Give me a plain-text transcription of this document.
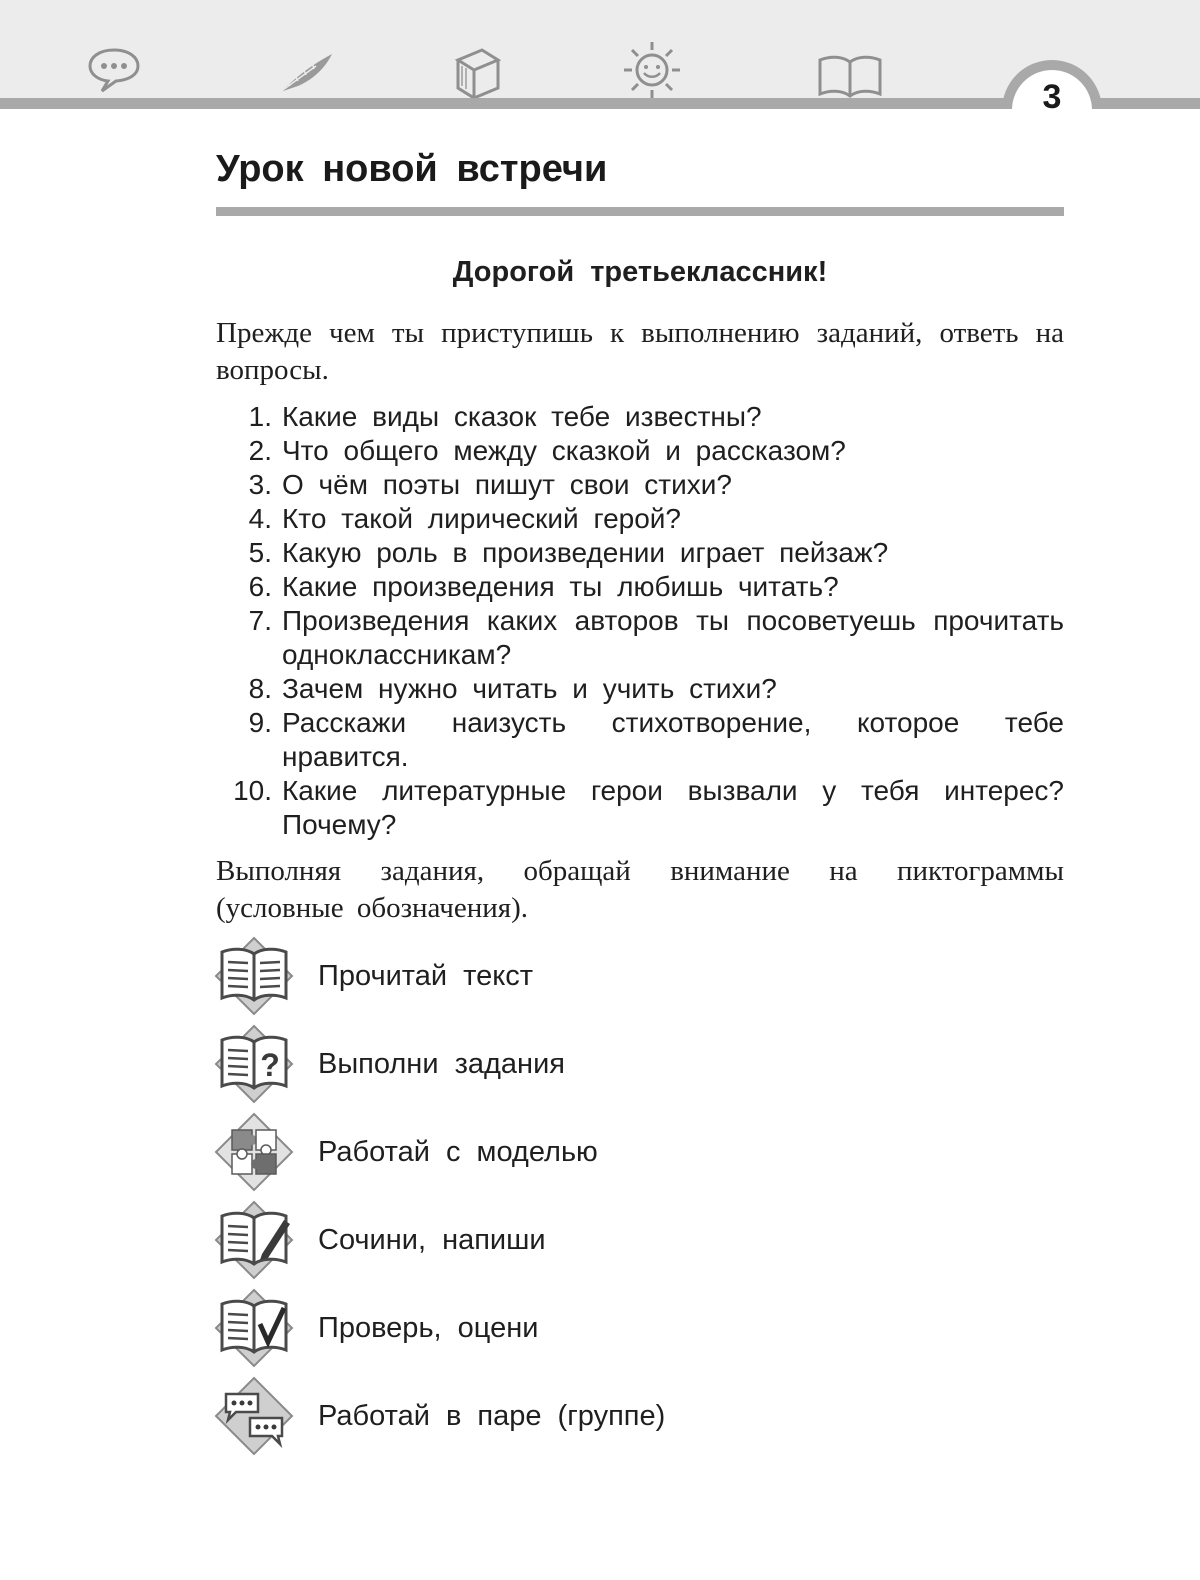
3
Урок новой встречи
Дорогой третьеклассник!
Прежде чем ты приступишь к выполнению заданий, ответь на вопросы.
1. Какие виды сказок тебе известны?
2. Что общего между сказкой и рассказом?
3. О чём поэты пишут свои стихи?
4. Кто такой лирический герой?
5. Какую роль в произведении играет пейзаж?
6. Какие произведения ты любишь читать?
7. Произведения каких авторов ты посоветуешь прочитать одноклассникам?
8. Зачем нужно читать и учить стихи?
9. Расскажи наизусть стихотворение, которое тебе нравится.
10. Какие литературные герои вызвали у тебя интерес? Почему?
Выполняя задания, обращай внимание на пиктограммы (условные обозначения).
Прочитай текст
? Выполни задания
Работай с моделью
Сочини, напиши
Проверь, оцени
Работай в паре (группе)
